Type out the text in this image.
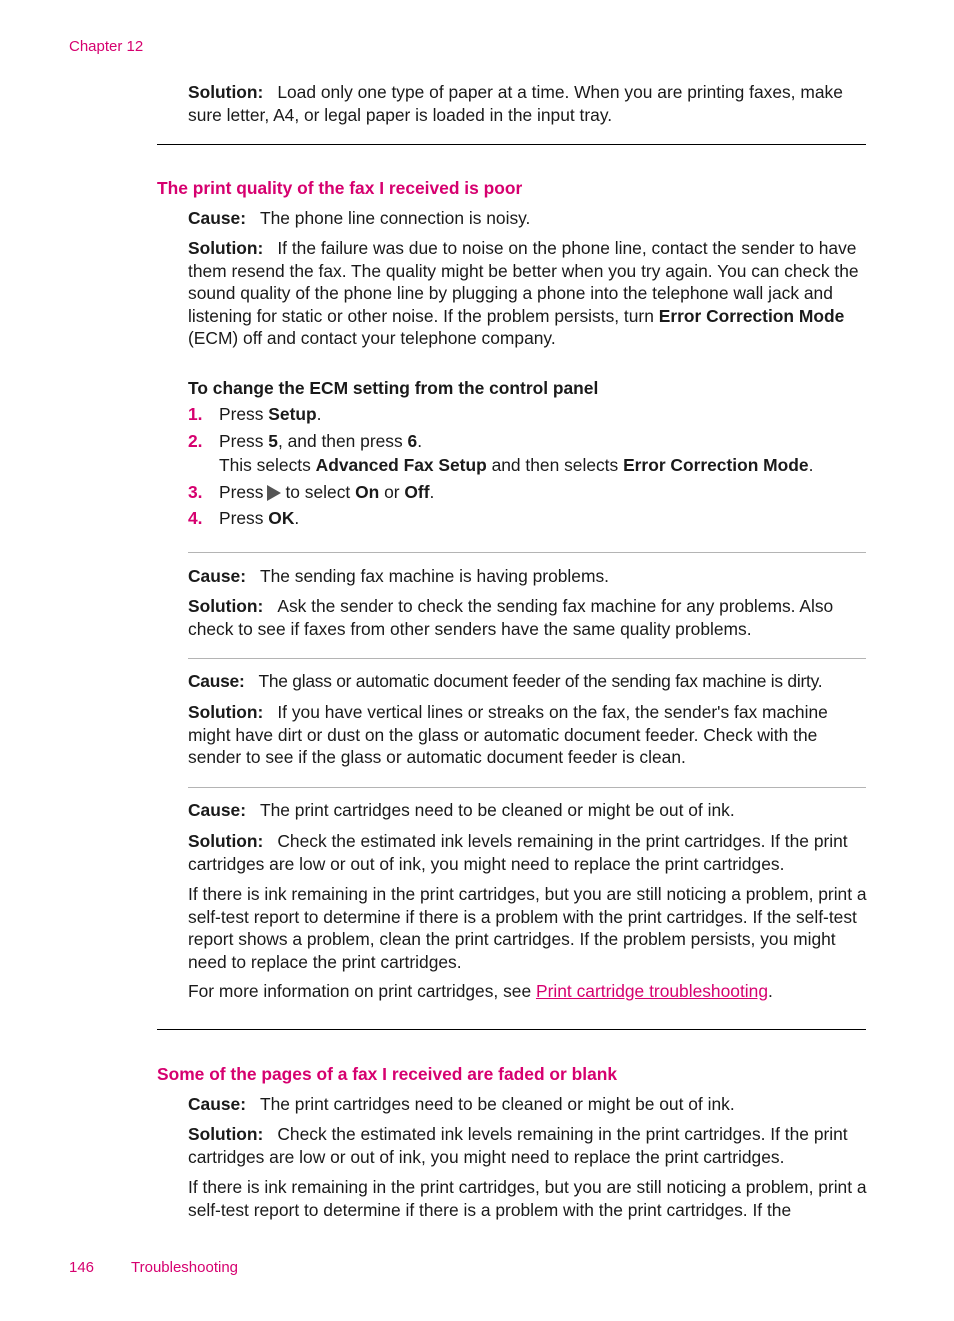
Chapter 12

Solution: Load only one type of paper at a time. When you are printing faxes, make sure letter, A4, or legal paper is loaded in the input tray.

The print quality of the fax I received is poor

Cause: The phone line connection is noisy.

Solution: If the failure was due to noise on the phone line, contact the sender to have them resend the fax. The quality might be better when you try again. You can check the sound quality of the phone line by plugging a phone into the telephone wall jack and listening for static or other noise. If the problem persists, turn Error Correction Mode (ECM) off and contact your telephone company.

To change the ECM setting from the control panel
1. Press Setup.
2. Press 5, and then press 6.
This selects Advanced Fax Setup and then selects Error Correction Mode.
3. Press to select On or Off.
4. Press OK.

Cause: The sending fax machine is having problems.

Solution: Ask the sender to check the sending fax machine for any problems. Also check to see if faxes from other senders have the same quality problems.

Cause: The glass or automatic document feeder of the sending fax machine is dirty.

Solution: If you have vertical lines or streaks on the fax, the sender's fax machine might have dirt or dust on the glass or automatic document feeder. Check with the sender to see if the glass or automatic document feeder is clean.

Cause: The print cartridges need to be cleaned or might be out of ink.

Solution: Check the estimated ink levels remaining in the print cartridges. If the print cartridges are low or out of ink, you might need to replace the print cartridges.

If there is ink remaining in the print cartridges, but you are still noticing a problem, print a self-test report to determine if there is a problem with the print cartridges. If the self-test report shows a problem, clean the print cartridges. If the problem persists, you might need to replace the print cartridges.

For more information on print cartridges, see Print cartridge troubleshooting.

Some of the pages of a fax I received are faded or blank

Cause: The print cartridges need to be cleaned or might be out of ink.

Solution: Check the estimated ink levels remaining in the print cartridges. If the print cartridges are low or out of ink, you might need to replace the print cartridges.

If there is ink remaining in the print cartridges, but you are still noticing a problem, print a self-test report to determine if there is a problem with the print cartridges. If the

146 Troubleshooting
